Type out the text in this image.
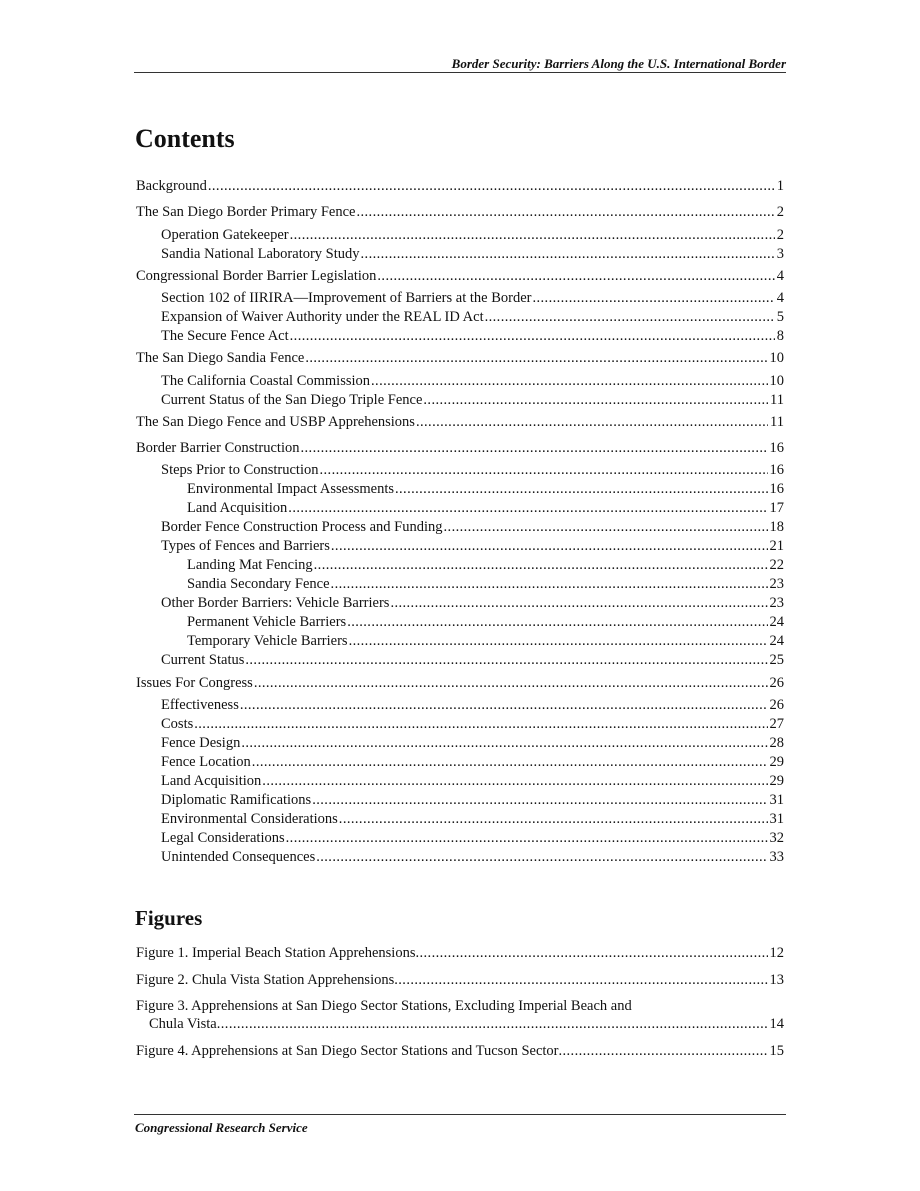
Border Security: Barriers Along the U.S. International Border
Contents
Background .....	1
The San Diego Border Primary Fence .....	2
Operation Gatekeeper .....	2
Sandia National Laboratory Study .....	3
Congressional Border Barrier Legislation .....	4
Section 102 of IIRIRA—Improvement of Barriers at the Border .....	4
Expansion of Waiver Authority under the REAL ID Act .....	5
The Secure Fence Act .....	8
The San Diego Sandia Fence .....	10
The California Coastal Commission .....	10
Current Status of the San Diego Triple Fence .....	11
The San Diego Fence and USBP Apprehensions .....	11
Border Barrier Construction .....	16
Steps Prior to Construction .....	16
Environmental Impact Assessments .....	16
Land Acquisition .....	17
Border Fence Construction Process and Funding .....	18
Types of Fences and Barriers .....	21
Landing Mat Fencing .....	22
Sandia Secondary Fence .....	23
Other Border Barriers: Vehicle Barriers .....	23
Permanent Vehicle Barriers .....	24
Temporary Vehicle Barriers .....	24
Current Status .....	25
Issues For Congress .....	26
Effectiveness .....	26
Costs .....	27
Fence Design .....	28
Fence Location .....	29
Land Acquisition .....	29
Diplomatic Ramifications .....	31
Environmental Considerations .....	31
Legal Considerations .....	32
Unintended Consequences .....	33
Figures
Figure 1. Imperial Beach Station Apprehensions .....	12
Figure 2. Chula Vista Station Apprehensions .....	13
Figure 3. Apprehensions at San Diego Sector Stations, Excluding Imperial Beach and
Chula Vista .....	14
Figure 4. Apprehensions at San Diego Sector Stations and Tucson Sector .....	15
Congressional Research Service
